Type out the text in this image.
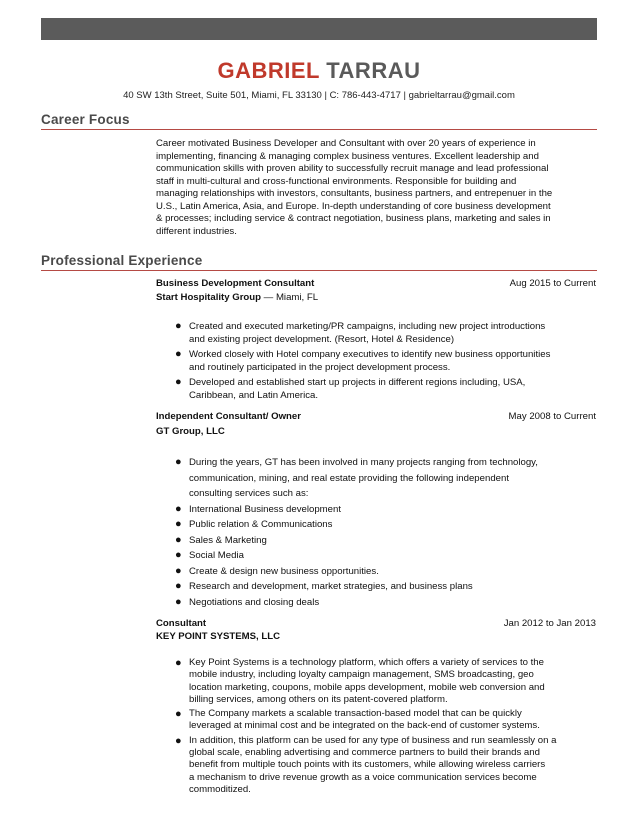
GABRIEL TARRAU
40 SW 13th Street, Suite 501, Miami, FL 33130 | C: 786-443-4717 | gabrieltarrau@gmail.com
Career Focus
Career motivated Business Developer and Consultant with over 20 years of experience in
implementing, financing & managing complex business ventures. Excellent leadership and
communication skills with proven ability to successfully recruit manage and lead professional
staff in multi-cultural and cross-functional environments. Responsible for building and
managing relationships with investors, consultants, business partners, and entrepenuer in the
U.S., Latin America, Asia, and Europe. In-depth understanding of core business development
& processes; including service & contract negotiation, business plans, marketing and sales in
different industries.
Professional Experience
Business Development Consultant	Aug 2015 to Current
Start Hospitality Group — Miami, FL
● Created and executed marketing/PR campaigns, including new project introductions
and existing project development. (Resort, Hotel & Residence)
● Worked closely with Hotel company executives to identify new business opportunities
and routinely participated in the project development process.
● Developed and established start up projects in different regions including, USA,
Caribbean, and Latin America.
Independent Consultant/ Owner	May 2008 to Current
GT Group, LLC
● During the years, GT has been involved in many projects ranging from technology,
communication, mining, and real estate providing the following independent
consulting services such as:
● International Business development
● Public relation & Communications
● Sales & Marketing
● Social Media
● Create & design new business opportunities.
● Research and development, market strategies, and business plans
● Negotiations and closing deals
Consultant	Jan 2012 to Jan 2013
KEY POINT SYSTEMS, LLC
● Key Point Systems is a technology platform, which offers a variety of services to the
mobile industry, including loyalty campaign management, SMS broadcasting, geo
location marketing, coupons, mobile apps development, mobile web conversion and
billing services, among others on its patent-covered platform.
● The Company markets a scalable transaction-based model that can be quickly
leveraged at minimal cost and be integrated on the back-end of customer systems.
● In addition, this platform can be used for any type of business and run seamlessly on a
global scale, enabling advertising and commerce partners to build their brands and
benefit from multiple touch points with its customers, while allowing wireless carriers
a mechanism to drive revenue growth as a voice communication services become
commoditized.
